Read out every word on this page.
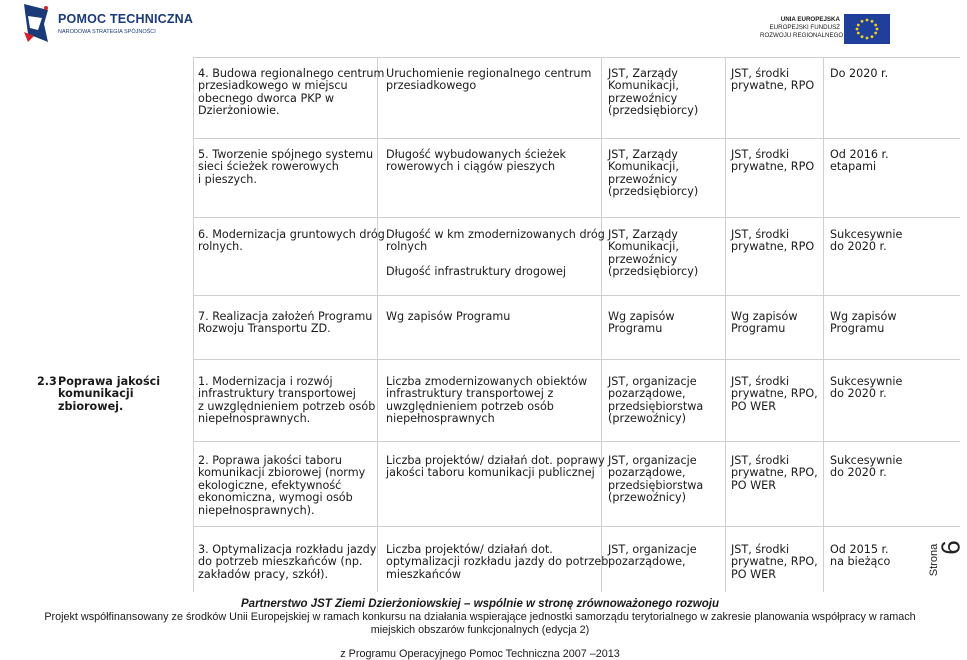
POMOC TECHNICZNA
NARODOWA STRATEGIA SPÓJNOŚCI
UNIA EUROPEJSKA
EUROPEJSKI FUNDUSZ
ROZWOJU REGIONALNEGO
4. Budowa regionalnego centrum
przesiadkowego w miejscu
obecnego dworca PKP w
Dzierżoniowie.
Uruchomienie regionalnego centrum
przesiadkowego
JST, Zarządy
Komunikacji,
przewoźnicy
(przedsiębiorcy)
JST, środki
prywatne, RPO
Do 2020 r.
5. Tworzenie spójnego systemu
sieci ścieżek rowerowych
i pieszych.
Długość wybudowanych ścieżek
rowerowych i ciągów pieszych
JST, Zarządy
Komunikacji,
przewoźnicy
(przedsiębiorcy)
JST, środki
prywatne, RPO
Od 2016 r.
etapami
6. Modernizacja gruntowych dróg
rolnych.
Długość w km zmodernizowanych dróg
rolnych

Długość infrastruktury drogowej
JST, Zarządy
Komunikacji,
przewoźnicy
(przedsiębiorcy)
JST, środki
prywatne, RPO
Sukcesywnie
do 2020 r.
7. Realizacja założeń Programu
Rozwoju Transportu ZD.
Wg zapisów Programu	Wg zapisów
Programu
Wg zapisów
Programu
Wg zapisów
Programu
2.3 Poprawa jakości
komunikacji
zbiorowej.
1. Modernizacja i rozwój
infrastruktury transportowej
z uwzględnieniem potrzeb osób
niepełnosprawnych.
Liczba zmodernizowanych obiektów
infrastruktury transportowej z
uwzględnieniem potrzeb osób
niepełnosprawnych
JST, organizacje
pozarządowe,
przedsiębiorstwa
(przewoźnicy)
JST, środki
prywatne, RPO,
PO WER
Sukcesywnie
do 2020 r.
2. Poprawa jakości taboru
komunikacji zbiorowej (normy
ekologiczne, efektywność
ekonomiczna, wymogi osób
niepełnosprawnych).
Liczba projektów/ działań dot. poprawy
jakości taboru komunikacji publicznej
JST, organizacje
pozarządowe,
przedsiębiorstwa
(przewoźnicy)
JST, środki
prywatne, RPO,
PO WER
Sukcesywnie
do 2020 r.
3. Optymalizacja rozkładu jazdy
do potrzeb mieszkańców (np.
zakładów pracy, szkół).
Liczba projektów/ działań dot.
optymalizacji rozkładu jazdy do potrzeb
mieszkańców
JST, organizacje
pozarządowe,
JST, środki
prywatne, RPO,
PO WER
Od 2015 r.
na bieżąco
6
Strona
Partnerstwo JST Ziemi Dzierżoniowskiej – wspólnie w stronę zrównoważonego rozwoju
Projekt współfinansowany ze środków Unii Europejskiej w ramach konkursu na działania wspierające jednostki samorządu terytorialnego w zakresie planowania współpracy w ramach
miejskich obszarów funkcjonalnych (edycja 2)
z Programu Operacyjnego Pomoc Techniczna 2007 –2013
